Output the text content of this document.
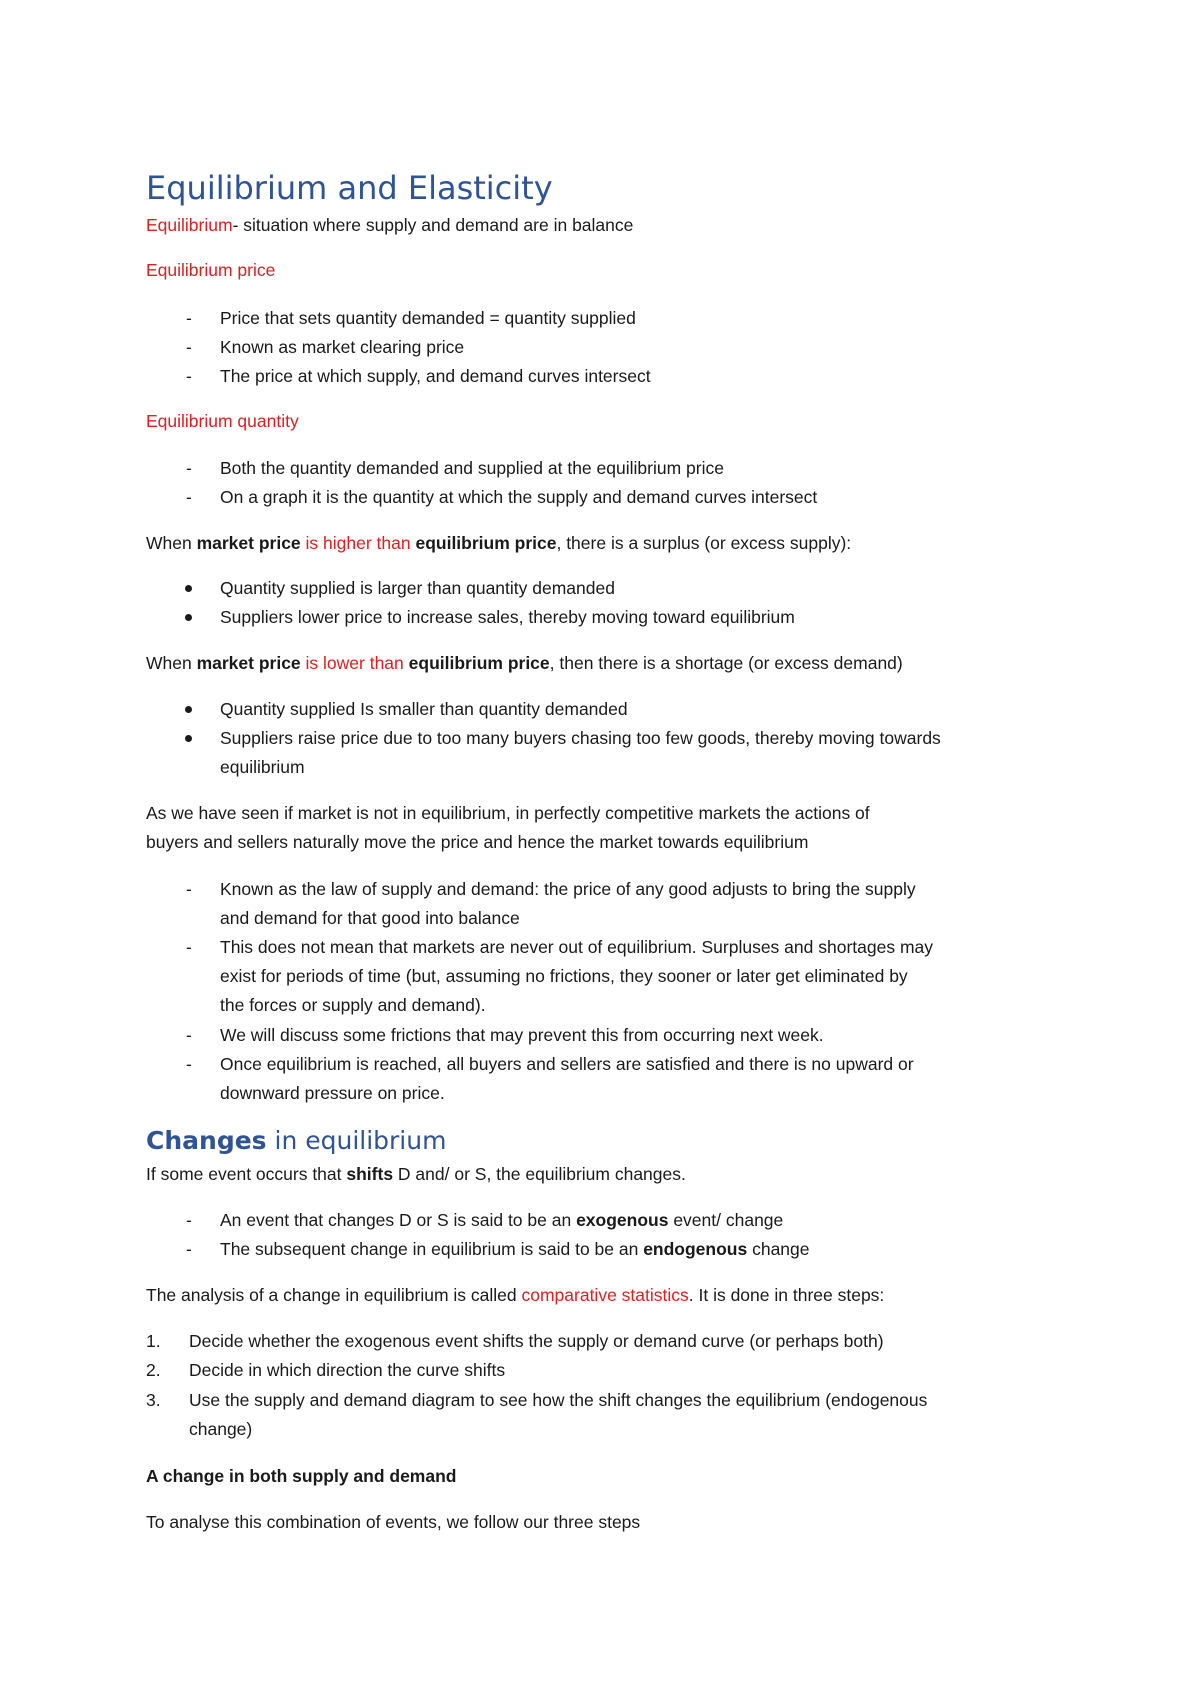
Equilibrium and Elasticity
Equilibrium- situation where supply and demand are in balance
Equilibrium price
-	Price that sets quantity demanded = quantity supplied
-	Known as market clearing price
-	The price at which supply, and demand curves intersect
Equilibrium quantity
-	Both the quantity demanded and supplied at the equilibrium price
-	On a graph it is the quantity at which the supply and demand curves intersect
When market price is higher than equilibrium price, there is a surplus (or excess supply):
Quantity supplied is larger than quantity demanded
Suppliers lower price to increase sales, thereby moving toward equilibrium
When market price is lower than equilibrium price, then there is a shortage (or excess demand)
Quantity supplied Is smaller than quantity demanded
Suppliers raise price due to too many buyers chasing too few goods, thereby moving towards
equilibrium
As we have seen if market is not in equilibrium, in perfectly competitive markets the actions of
buyers and sellers naturally move the price and hence the market towards equilibrium
-	Known as the law of supply and demand: the price of any good adjusts to bring the supply
and demand for that good into balance
-	This does not mean that markets are never out of equilibrium. Surpluses and shortages may
exist for periods of time (but, assuming no frictions, they sooner or later get eliminated by
the forces or supply and demand).
-	We will discuss some frictions that may prevent this from occurring next week.
-	Once equilibrium is reached, all buyers and sellers are satisfied and there is no upward or
downward pressure on price.
Changes in equilibrium
If some event occurs that shifts D and/ or S, the equilibrium changes.
-	An event that changes D or S is said to be an exogenous event/ change
-	The subsequent change in equilibrium is said to be an endogenous change
The analysis of a change in equilibrium is called comparative statistics. It is done in three steps:
1.	Decide whether the exogenous event shifts the supply or demand curve (or perhaps both)
2.	Decide in which direction the curve shifts
3.	Use the supply and demand diagram to see how the shift changes the equilibrium (endogenous
change)
A change in both supply and demand
To analyse this combination of events, we follow our three steps
